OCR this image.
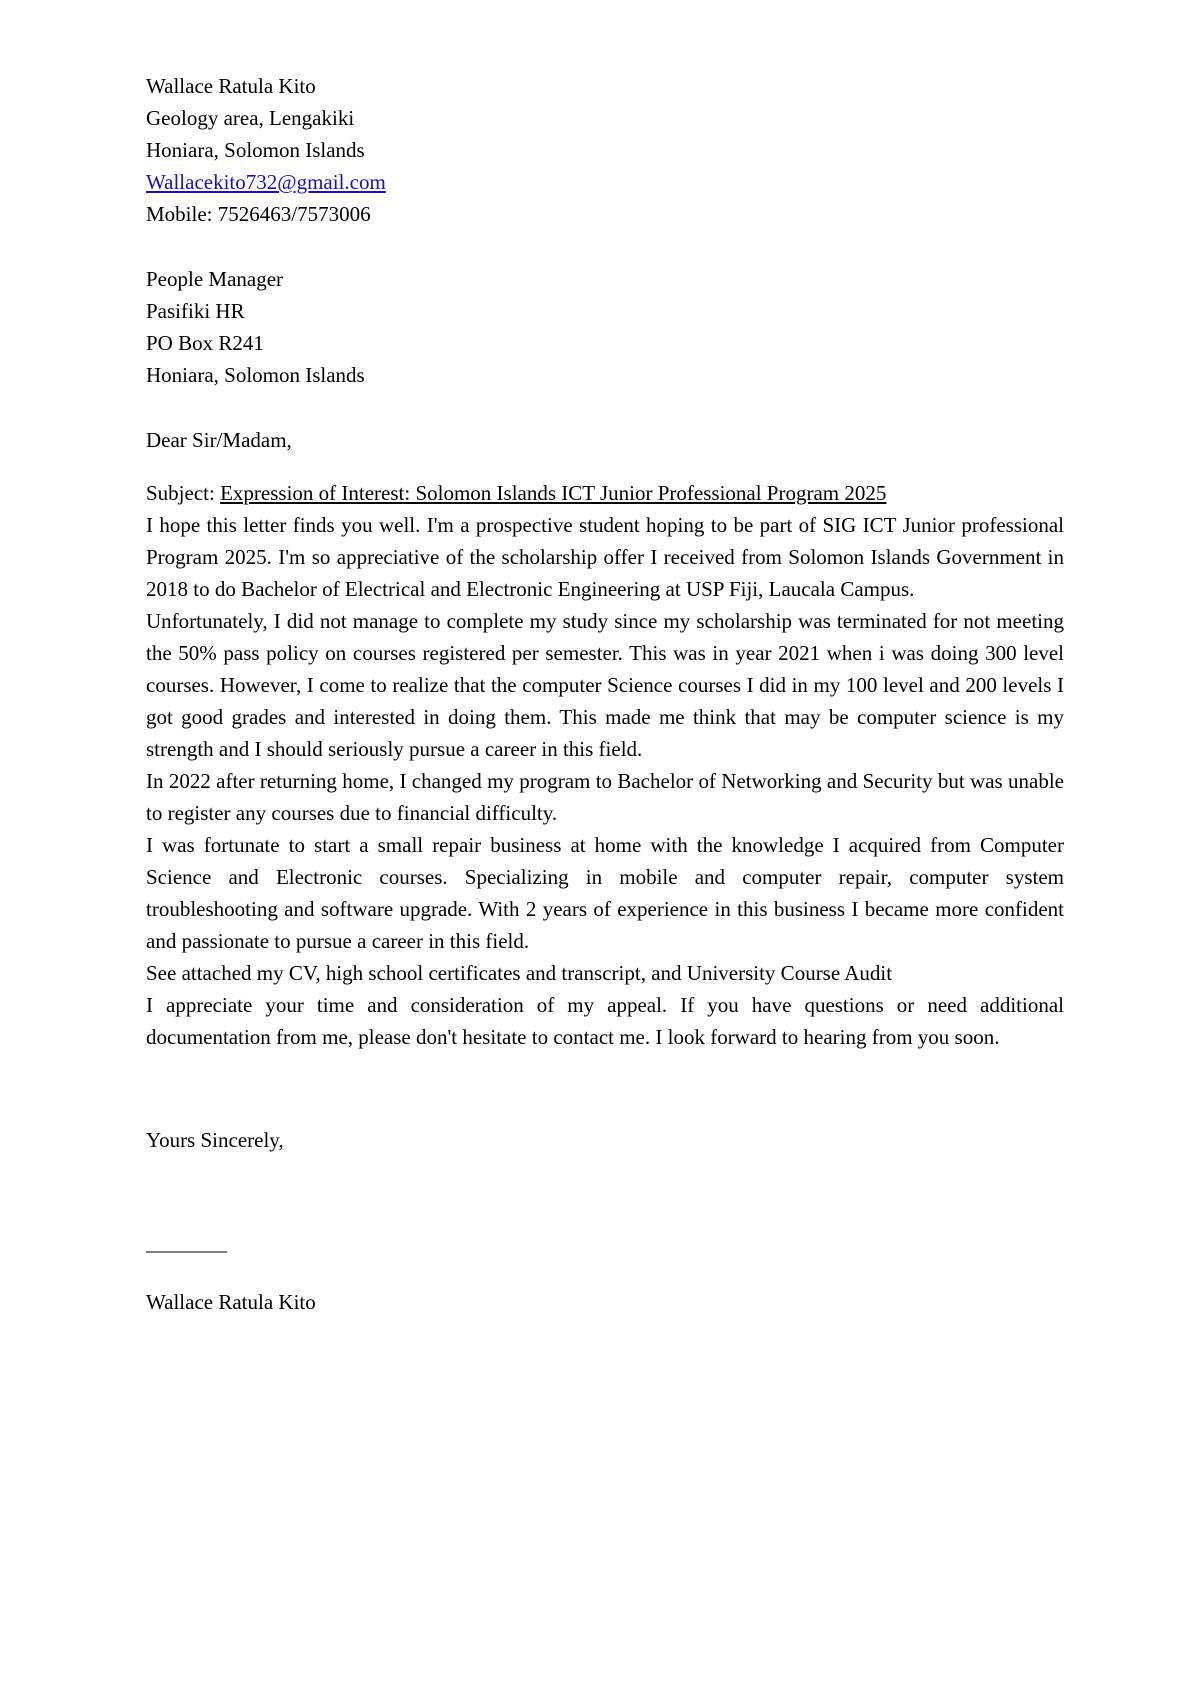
Wallace Ratula Kito
Geology area, Lengakiki
Honiara, Solomon Islands
Wallacekito732@gmail.com
Mobile: 7526463/7573006
People Manager
Pasifiki HR
PO Box R241
Honiara, Solomon Islands
Dear Sir/Madam,
Subject: Expression of Interest: Solomon Islands ICT Junior Professional Program 2025

I hope this letter finds you well. I'm a prospective student hoping to be part of SIG ICT Junior professional Program 2025. I'm so appreciative of the scholarship offer I received from Solomon Islands Government in 2018 to do Bachelor of Electrical and Electronic Engineering at USP Fiji, Laucala Campus.

Unfortunately, I did not manage to complete my study since my scholarship was terminated for not meeting the 50% pass policy on courses registered per semester. This was in year 2021 when i was doing 300 level courses. However, I come to realize that the computer Science courses I did in my 100 level and 200 levels I got good grades and interested in doing them. This made me think that may be computer science is my strength and I should seriously pursue a career in this field.

In 2022 after returning home, I changed my program to Bachelor of Networking and Security but was unable to register any courses due to financial difficulty.

I was fortunate to start a small repair business at home with the knowledge I acquired from Computer Science and Electronic courses. Specializing in mobile and computer repair, computer system troubleshooting and software upgrade. With 2 years of experience in this business I became more confident and passionate to pursue a career in this field.

See attached my CV, high school certificates and transcript, and University Course Audit

I appreciate your time and consideration of my appeal. If you have questions or need additional documentation from me, please don't hesitate to contact me. I look forward to hearing from you soon.

Yours Sincerely,
————
Wallace Ratula Kito
